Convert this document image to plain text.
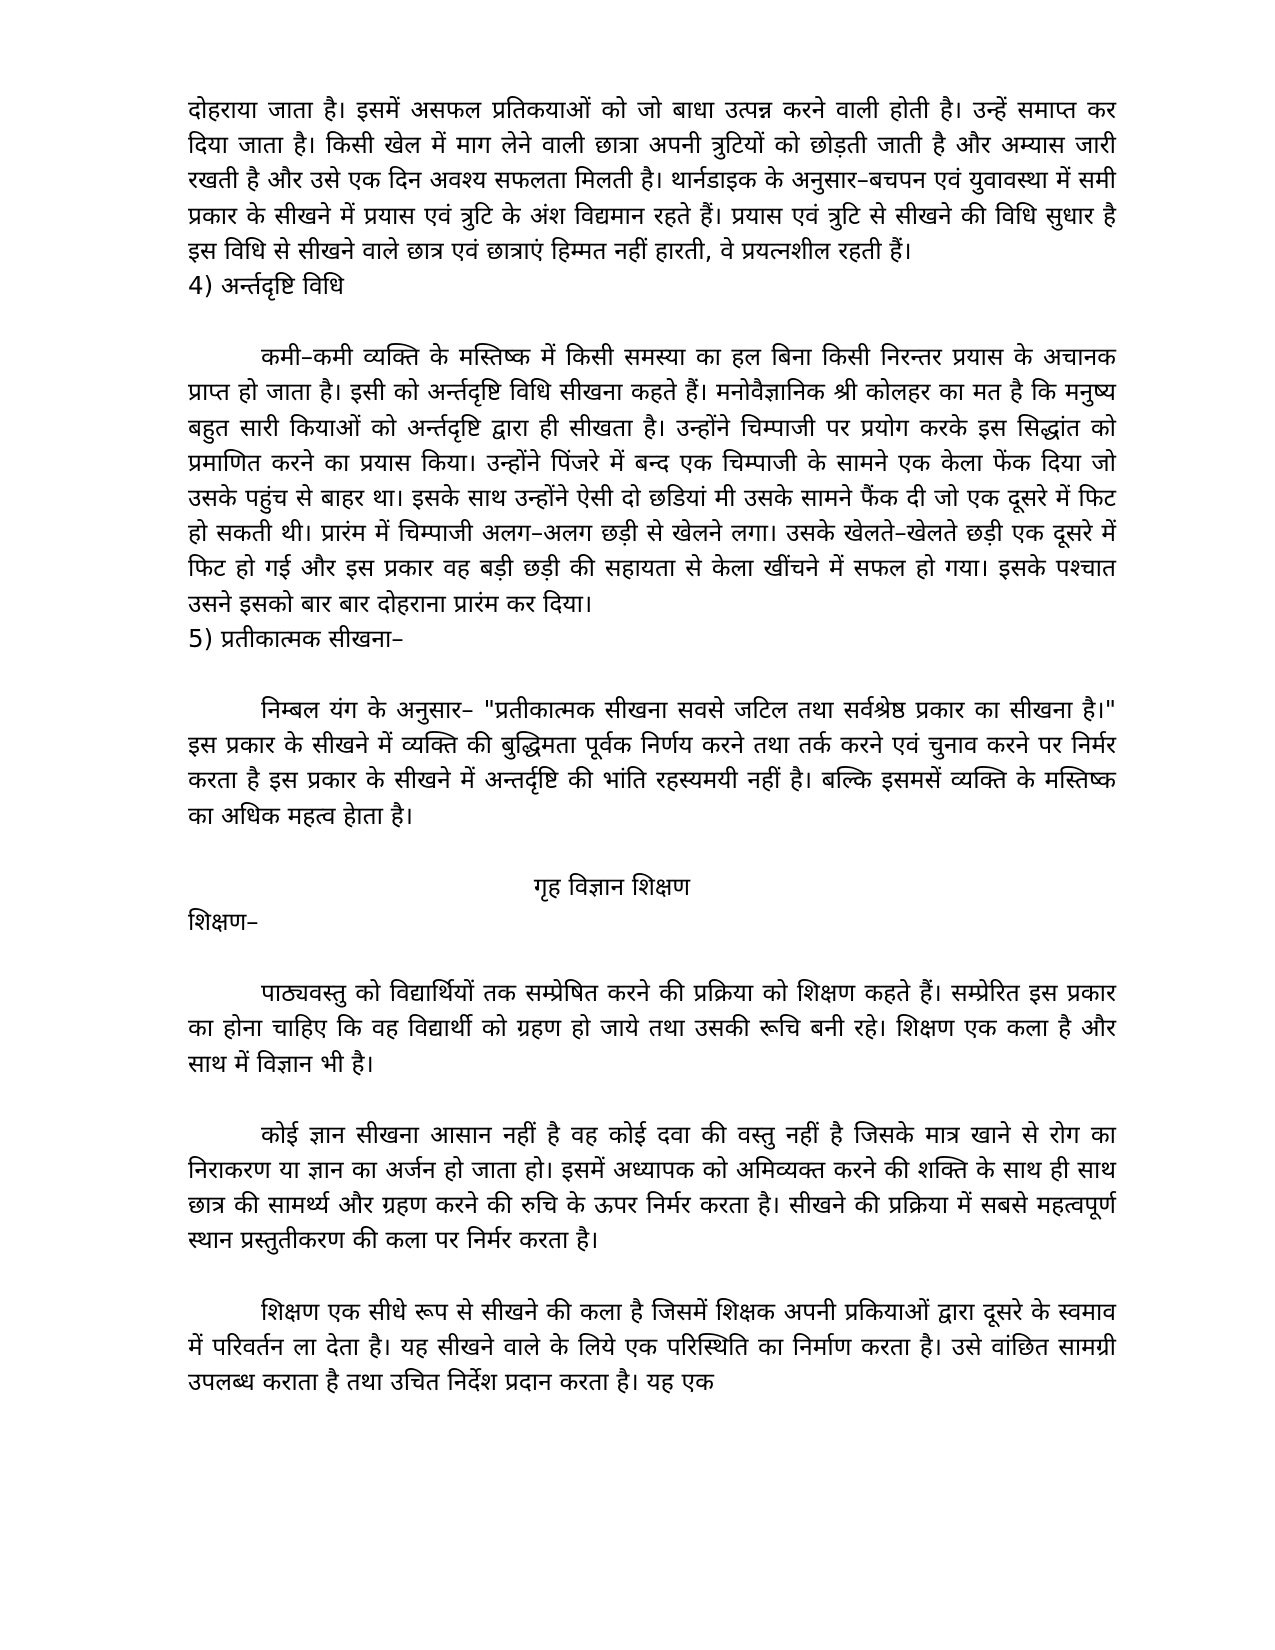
दोहराया जाता है। इसमें असफल प्रतिकयाओं को जो बाधा उत्पन्न करने वाली होती है। उन्हें समाप्त कर दिया जाता है। किसी खेल में माग लेने वाली छात्रा अपनी त्रुटियों को छोड़ती जाती है और अम्यास जारी रखती है और उसे एक दिन अवश्य सफलता मिलती है। थार्नडाइक के अनुसार–बचपन एवं युवावस्था में समी प्रकार के सीखने में प्रयास एवं त्रुटि के अंश विद्यमान रहते हैं। प्रयास एवं त्रुटि से सीखने की विधि सुधार है इस विधि से सीखने वाले छात्र एवं छात्राएं हिम्मत नहीं हारती, वे प्रयत्नशील रहती हैं।

4) अर्न्तदृष्टि विधि

कमी–कमी व्यक्ति के मस्तिष्क में किसी समस्या का हल बिना किसी निरन्तर प्रयास के अचानक प्राप्त हो जाता है। इसी को अर्न्तदृष्टि विधि सीखना कहते हैं। मनोवैज्ञानिक श्री कोलहर का मत है कि मनुष्य बहुत सारी कियाओं को अर्न्तदृष्टि द्वारा ही सीखता है। उन्होंने चिम्पाजी पर प्रयोग करके इस सिद्धांत को प्रमाणित करने का प्रयास किया। उन्होंने पिंजरे में बन्द एक चिम्पाजी के सामने एक केला फेंक दिया जो उसके पहुंच से बाहर था। इसके साथ उन्होंने ऐसी दो छडियां मी उसके सामने फैंक दी जो एक दूसरे में फिट हो सकती थी। प्रारंम में चिम्पाजी अलग–अलग छड़ी से खेलने लगा। उसके खेलते–खेलते छड़ी एक दूसरे में फिट हो गई और इस प्रकार वह बड़ी छड़ी की सहायता से केला खींचने में सफल हो गया। इसके पश्चात उसने इसको बार बार दोहराना प्रारंम कर दिया।

5) प्रतीकात्मक सीखना–

निम्बल यंग के अनुसार– "प्रतीकात्मक सीखना सवसे जटिल तथा सर्वश्रेष्ठ प्रकार का सीखना है।" इस प्रकार के सीखने में व्यक्ति की बुद्धिमता पूर्वक निर्णय करने तथा तर्क करने एवं चुनाव करने पर निर्मर करता है इस प्रकार के सीखने में अन्तर्दृष्टि की भांति रहस्यमयी नहीं है। बल्कि इसमसें व्यक्ति के मस्तिष्क का अधिक महत्व हेाता है।

गृह विज्ञान शिक्षण

शिक्षण–

पाठ्यवस्तु को विद्यार्थियों तक सम्प्रेषित करने की प्रक्रिया को शिक्षण कहते हैं। सम्प्रेरित इस प्रकार का होना चाहिए कि वह विद्यार्थी को ग्रहण हो जाये तथा उसकी रूचि बनी रहे। शिक्षण एक कला है और साथ में विज्ञान भी है।

कोई ज्ञान सीखना आसान नहीं है वह कोई दवा की वस्तु नहीं है जिसके मात्र खाने से रोग का निराकरण या ज्ञान का अर्जन हो जाता हो। इसमें अध्यापक को अमिव्यक्त करने की शक्ति के साथ ही साथ छात्र की सामर्थ्य और ग्रहण करने की रुचि के ऊपर निर्मर करता है। सीखने की प्रक्रिया में सबसे महत्वपूर्ण स्थान प्रस्तुतीकरण की कला पर निर्मर करता है।

शिक्षण एक सीधे रूप से सीखने की कला है जिसमें शिक्षक अपनी प्रकियाओं द्वारा दूसरे के स्वमाव में परिवर्तन ला देता है। यह सीखने वाले के लिये एक परिस्थिति का निर्माण करता है। उसे वांछित सामग्री उपलब्ध कराता है तथा उचित निर्देश प्रदान करता है। यह एक
